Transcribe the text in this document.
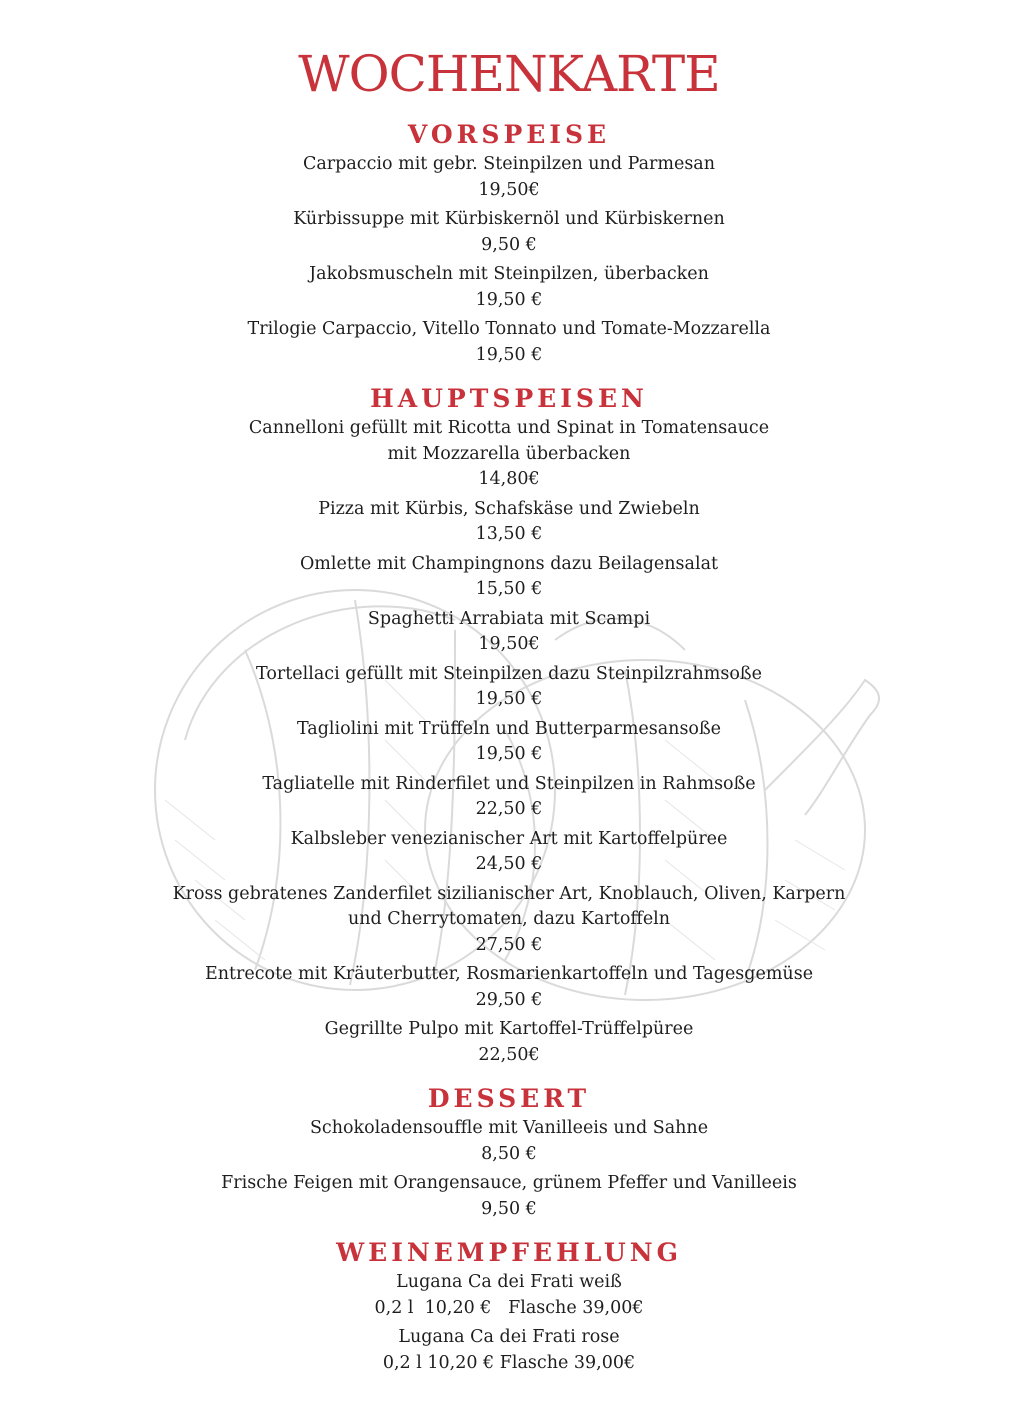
WOCHENKARTE
VORSPEISE
Carpaccio mit gebr. Steinpilzen und Parmesan
19,50€
Kürbissuppe mit Kürbiskernöl und Kürbiskernen
9,50 €
Jakobsmuscheln mit Steinpilzen, überbacken
19,50 €
Trilogie Carpaccio, Vitello Tonnato und Tomate-Mozzarella
19,50 €
HAUPTSPEISEN
Cannelloni gefüllt mit Ricotta und Spinat in Tomatensauce
mit Mozzarella überbacken
14,80€
Pizza mit Kürbis, Schafskäse und Zwiebeln
13,50 €
Omlette mit Champingnons dazu Beilagensalat
15,50 €
Spaghetti Arrabiata mit Scampi
19,50€
Tortellaci gefüllt mit Steinpilzen dazu Steinpilzrahmsoße
19,50 €
Tagliolini mit Trüffeln und Butterparmesansoße
19,50 €
Tagliatelle mit Rinderfilet und Steinpilzen in Rahmsoße
22,50 €
Kalbsleber venezianischer Art mit Kartoffelpüree
24,50 €
Kross gebratenes Zanderfilet sizilianischer Art, Knoblauch, Oliven, Karpern
und Cherrytomaten, dazu Kartoffeln
27,50 €
Entrecote mit Kräuterbutter, Rosmarienkartoffeln und Tagesgemüse
29,50 €
Gegrillte Pulpo mit Kartoffel-Trüffelpüree
22,50€
DESSERT
Schokoladensouffle mit Vanilleeis und Sahne
8,50 €
Frische Feigen mit Orangensauce, grünem Pfeffer und Vanilleeis
9,50 €
WEINEMPFEHLUNG
Lugana Ca dei Frati weiß
0,2 l  10,20 €   Flasche 39,00€
Lugana Ca dei Frati rose
0,2 l 10,20 € Flasche 39,00€
